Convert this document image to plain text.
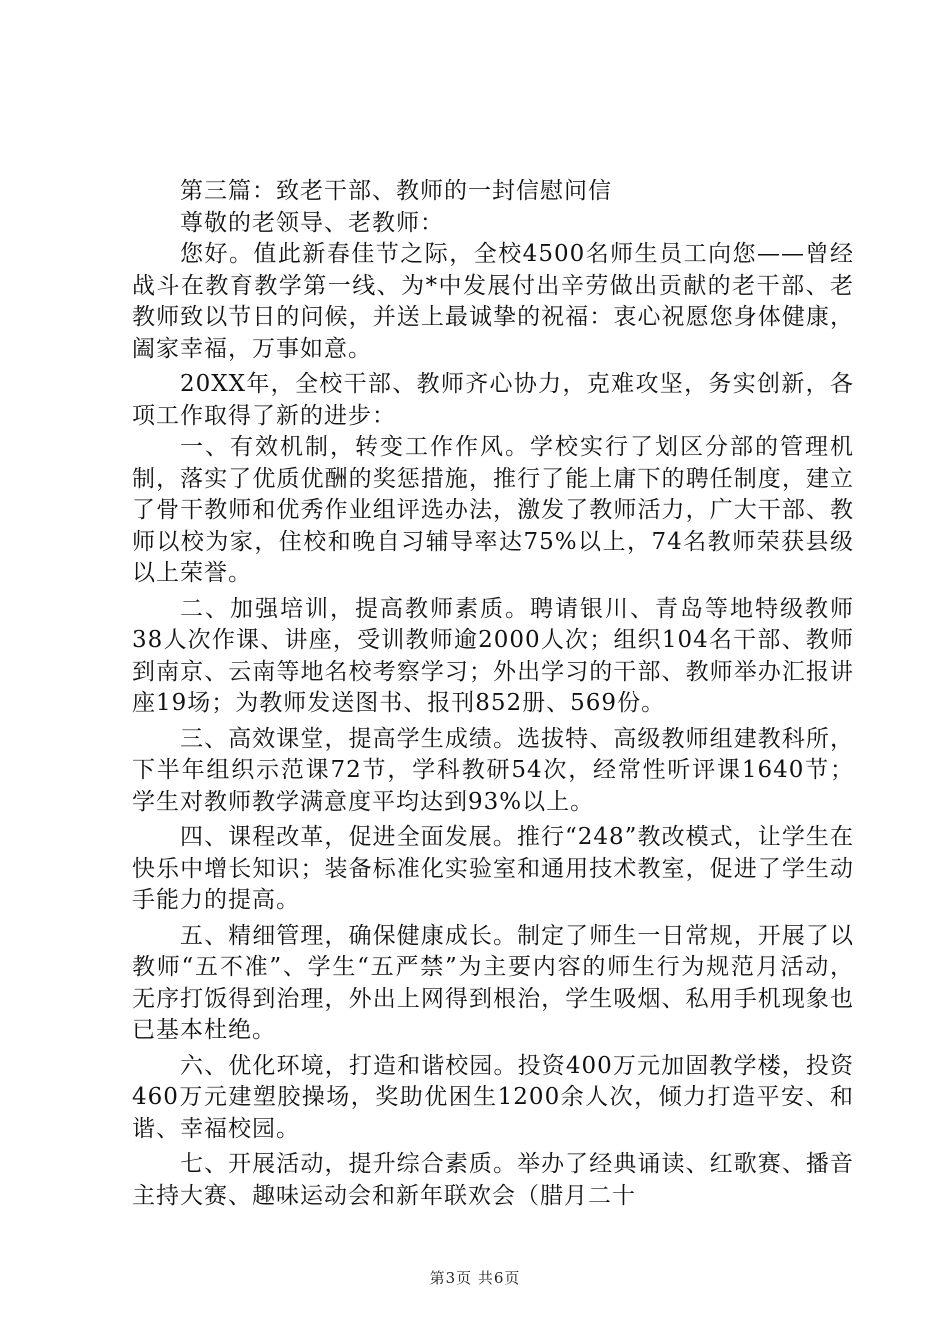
第三篇：致老干部、教师的一封信慰问信

尊敬的老领导、老教师：

您好。值此新春佳节之际，全校4500名师生员工向您——曾经战斗在教育教学第一线、为*中发展付出辛劳做出贡献的老干部、老教师致以节日的问候，并送上最诚挚的祝福：衷心祝愿您身体健康，阖家幸福，万事如意。

20XX年，全校干部、教师齐心协力，克难攻坚，务实创新，各项工作取得了新的进步：

一、有效机制，转变工作作风。学校实行了划区分部的管理机制，落实了优质优酬的奖惩措施，推行了能上庸下的聘任制度，建立了骨干教师和优秀作业组评选办法，激发了教师活力，广大干部、教师以校为家，住校和晚自习辅导率达75%以上，74名教师荣获县级以上荣誉。

二、加强培训，提高教师素质。聘请银川、青岛等地特级教师38人次作课、讲座，受训教师逾2000人次；组织104名干部、教师到南京、云南等地名校考察学习；外出学习的干部、教师举办汇报讲座19场；为教师发送图书、报刊852册、569份。

三、高效课堂，提高学生成绩。选拔特、高级教师组建教科所，下半年组织示范课72节，学科教研54次，经常性听评课1640节；学生对教师教学满意度平均达到93%以上。

四、课程改革，促进全面发展。推行“248”教改模式，让学生在快乐中增长知识；装备标准化实验室和通用技术教室，促进了学生动手能力的提高。

五、精细管理，确保健康成长。制定了师生一日常规，开展了以教师“五不准”、学生“五严禁”为主要内容的师生行为规范月活动，无序打饭得到治理，外出上网得到根治，学生吸烟、私用手机现象也已基本杜绝。

六、优化环境，打造和谐校园。投资400万元加固教学楼，投资460万元建塑胶操场，奖助优困生1200余人次，倾力打造平安、和谐、幸福校园。

七、开展活动，提升综合素质。举办了经典诵读、红歌赛、播音主持大赛、趣味运动会和新年联欢会（腊月二十

第3页 共6页
